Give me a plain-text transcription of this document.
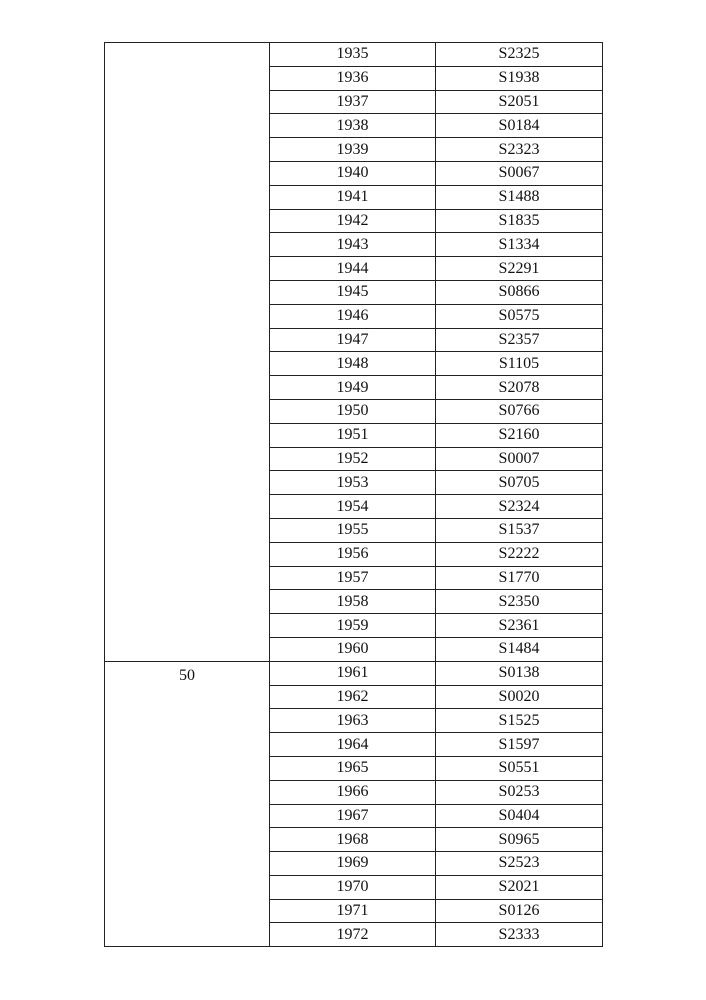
	1935	S2325
	1936	S1938
	1937	S2051
	1938	S0184
	1939	S2323
	1940	S0067
	1941	S1488
	1942	S1835
	1943	S1334
	1944	S2291
	1945	S0866
	1946	S0575
	1947	S2357
	1948	S1105
	1949	S2078
	1950	S0766
	1951	S2160
	1952	S0007
	1953	S0705
	1954	S2324
	1955	S1537
	1956	S2222
	1957	S1770
	1958	S2350
	1959	S2361
	1960	S1484
50	1961	S0138
	1962	S0020
	1963	S1525
	1964	S1597
	1965	S0551
	1966	S0253
	1967	S0404
	1968	S0965
	1969	S2523
	1970	S2021
	1971	S0126
	1972	S2333
